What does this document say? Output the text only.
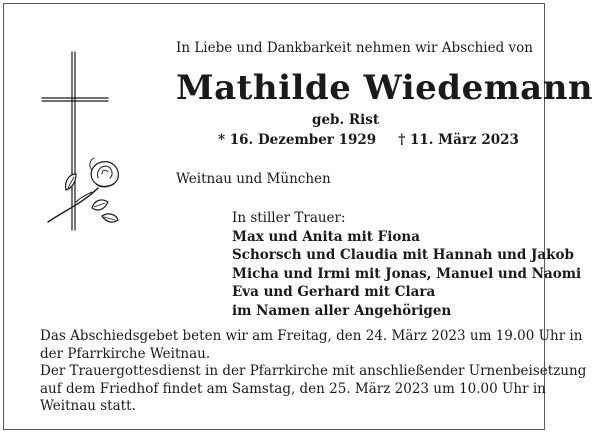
In Liebe und Dankbarkeit nehmen wir Abschied von
Mathilde Wiedemann
geb. Rist
* 16. Dezember 1929 † 11. März 2023
Weitnau und München
In stiller Trauer:
Max und Anita mit Fiona
Schorsch und Claudia mit Hannah und Jakob
Micha und Irmi mit Jonas, Manuel und Naomi
Eva und Gerhard mit Clara
im Namen aller Angehörigen
Das Abschiedsgebet beten wir am Freitag, den 24. März 2023 um 19.00 Uhr in
der Pfarrkirche Weitnau.
Der Trauergottesdienst in der Pfarrkirche mit anschließender Urnenbeisetzung
auf dem Friedhof findet am Samstag, den 25. März 2023 um 10.00 Uhr in
Weitnau statt.
